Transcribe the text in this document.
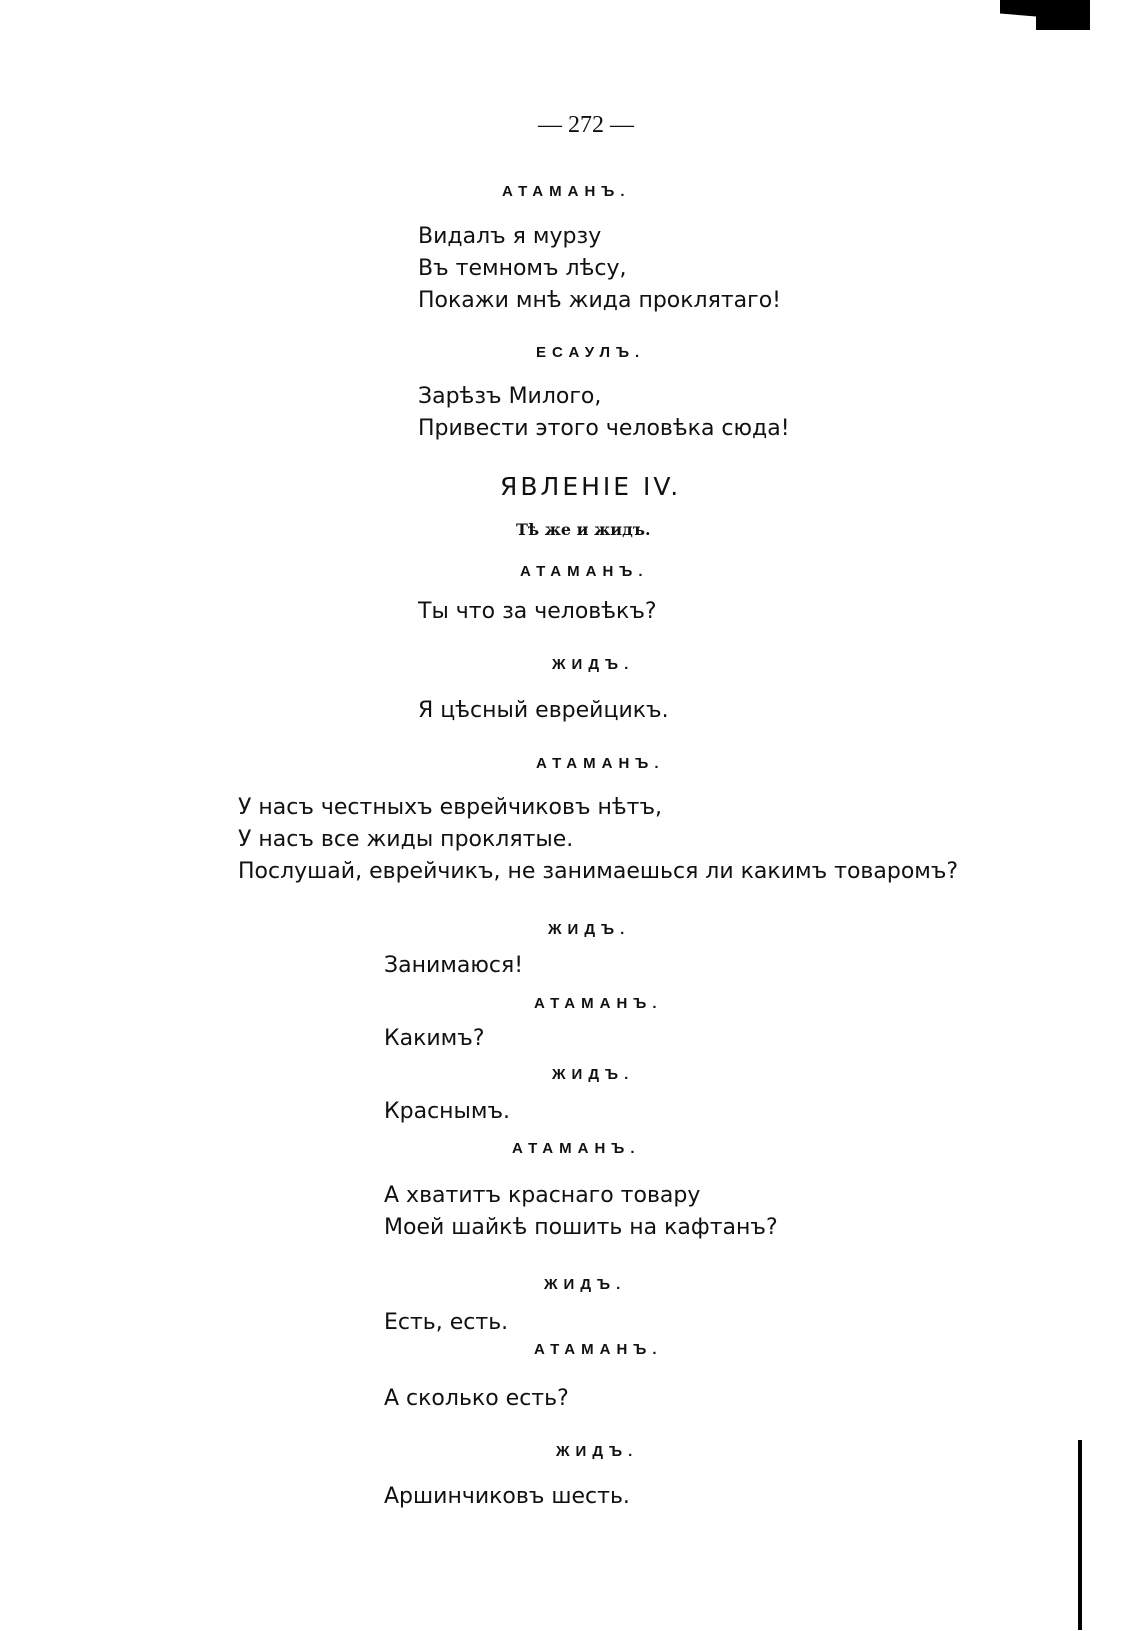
— 272 —
АТАМАНЪ.
Видалъ я мурзу
Въ темномъ лѣсу,
Покажи мнѣ жида проклятаго!
ЕСАУЛЪ.
Зарѣзъ Милого,
Привести этого человѣка сюда!
ЯВЛЕНIЕ IV.
Тѣ же и жидъ.
АТАМАНЪ.
Ты что за человѣкъ?
ЖИДЪ.
Я цѣсный еврейцикъ.
АТАМАНЪ.
У насъ честныхъ еврейчиковъ нѣтъ,
У насъ все жиды проклятые.
Послушай, еврейчикъ, не занимаешься ли какимъ товаромъ?
ЖИДЪ.
Занимаюся!
АТАМАНЪ.
Какимъ?
ЖИДЪ.
Краснымъ.
АТАМАНЪ.
А хватитъ краснаго товару
Моей шайкѣ пошить на кафтанъ?
ЖИДЪ.
Есть, есть.
АТАМАНЪ.
А сколько есть?
ЖИДЪ.
Аршинчиковъ шесть.
